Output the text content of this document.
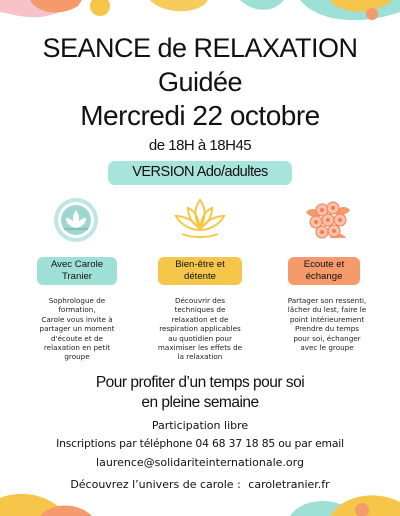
SEANCE de RELAXATION
Guidée
Mercredi 22 octobre
de 18H à 18H45
VERSION Ado/adultes
Avec Carole
Tranier
Bien-être et
détente
Ecoute et
échange
Sophrologue de
formation,
Carole vous invite à
partager un moment
d'écoute et de
relaxation en petit
groupe
Découvrir des
techniques de
relaxation et de
respiration applicables
au quotidien pour
maximiser les effets de
la relaxation
Partager son ressenti,
lâcher du lest, faire le
point intérieurement
Prendre du temps
pour soi, échanger
avec le groupe
Pour profiter d’un temps pour soi
en pleine semaine
Participation libre
Inscriptions par téléphone 04 68 37 18 85 ou par email
laurence@solidariteinternationale.org
Découvrez l’univers de carole : caroletranier.fr
